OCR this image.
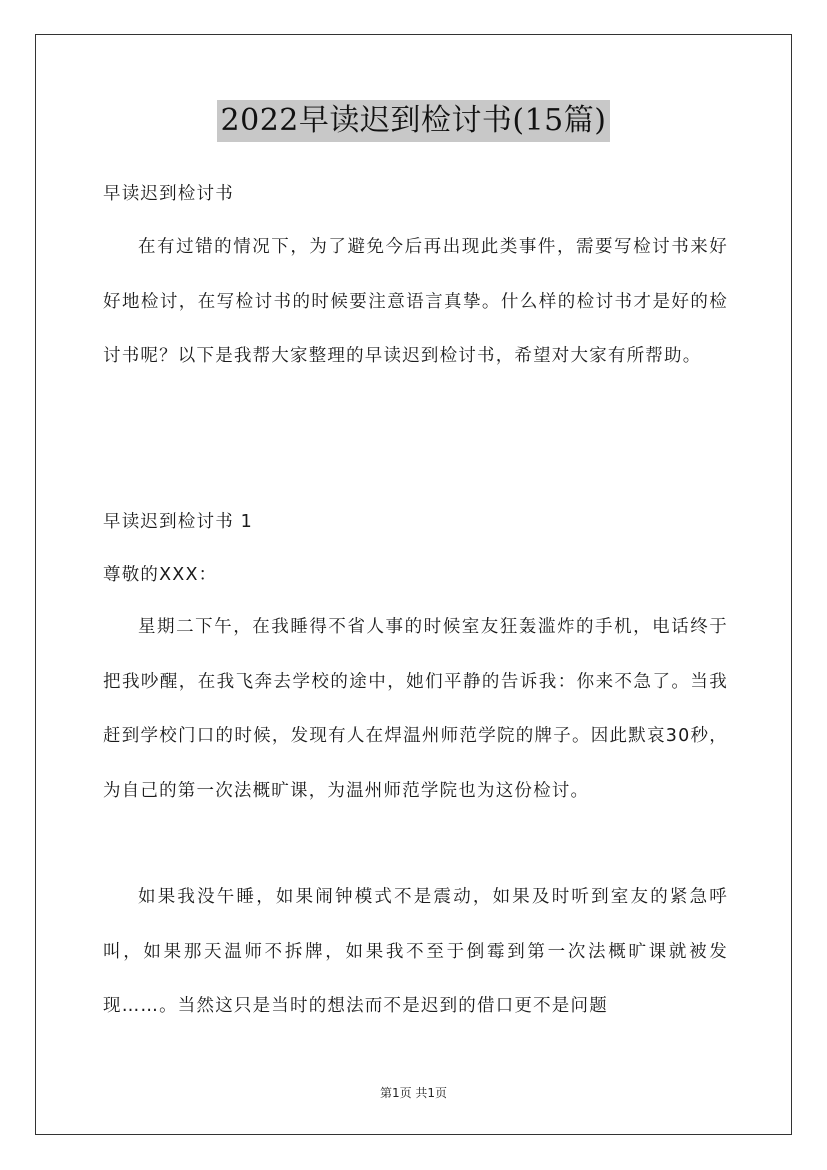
2022早读迟到检讨书(15篇)
早读迟到检讨书
在有过错的情况下，为了避免今后再出现此类事件，需要写检讨书来好好地检讨，在写检讨书的时候要注意语言真挚。什么样的检讨书才是好的检讨书呢？以下是我帮大家整理的早读迟到检讨书，希望对大家有所帮助。
早读迟到检讨书 1
尊敬的XXX：
星期二下午，在我睡得不省人事的时候室友狂轰滥炸的手机，电话终于把我吵醒，在我飞奔去学校的途中，她们平静的告诉我：你来不急了。当我赶到学校门口的时候，发现有人在焊温州师范学院的牌子。因此默哀30秒，为自己的第一次法概旷课，为温州师范学院也为这份检讨。
如果我没午睡，如果闹钟模式不是震动，如果及时听到室友的紧急呼叫，如果那天温师不拆牌，如果我不至于倒霉到第一次法概旷课就被发现……。当然这只是当时的想法而不是迟到的借口更不是问题
第1页 共1页
